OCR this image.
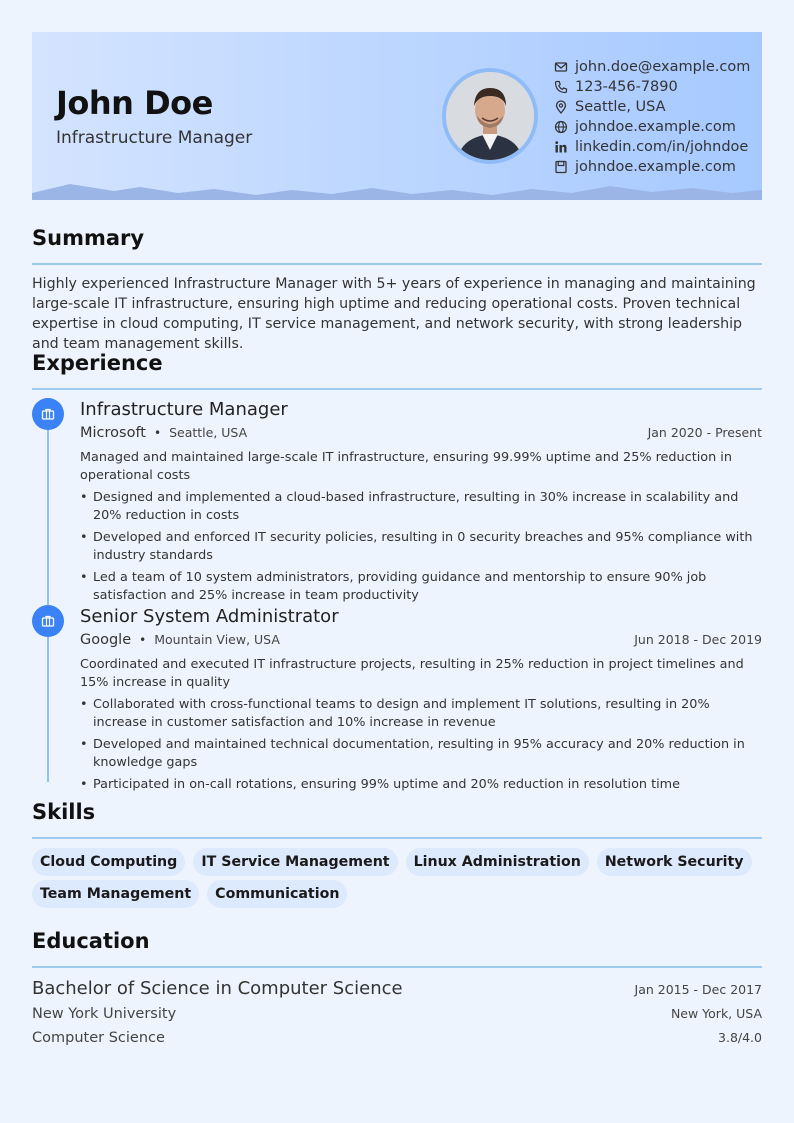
John Doe
Infrastructure Manager
john.doe@example.com
123-456-7890
Seattle, USA
johndoe.example.com
linkedin.com/in/johndoe
johndoe.example.com
Summary
Highly experienced Infrastructure Manager with 5+ years of experience in managing and maintaining large-scale IT infrastructure, ensuring high uptime and reducing operational costs. Proven technical expertise in cloud computing, IT service management, and network security, with strong leadership and team management skills.
Experience
Infrastructure Manager
Microsoft • Seattle, USA	Jan 2020 - Present
Managed and maintained large-scale IT infrastructure, ensuring 99.99% uptime and 25% reduction in operational costs
• Designed and implemented a cloud-based infrastructure, resulting in 30% increase in scalability and 20% reduction in costs
• Developed and enforced IT security policies, resulting in 0 security breaches and 95% compliance with industry standards
• Led a team of 10 system administrators, providing guidance and mentorship to ensure 90% job satisfaction and 25% increase in team productivity
Senior System Administrator
Google • Mountain View, USA	Jun 2018 - Dec 2019
Coordinated and executed IT infrastructure projects, resulting in 25% reduction in project timelines and 15% increase in quality
• Collaborated with cross-functional teams to design and implement IT solutions, resulting in 20% increase in customer satisfaction and 10% increase in revenue
• Developed and maintained technical documentation, resulting in 95% accuracy and 20% reduction in knowledge gaps
• Participated in on-call rotations, ensuring 99% uptime and 20% reduction in resolution time
Skills
Cloud Computing	IT Service Management	Linux Administration	Network Security
Team Management	Communication
Education
Bachelor of Science in Computer Science	Jan 2015 - Dec 2017
New York University	New York, USA
Computer Science	3.8/4.0
